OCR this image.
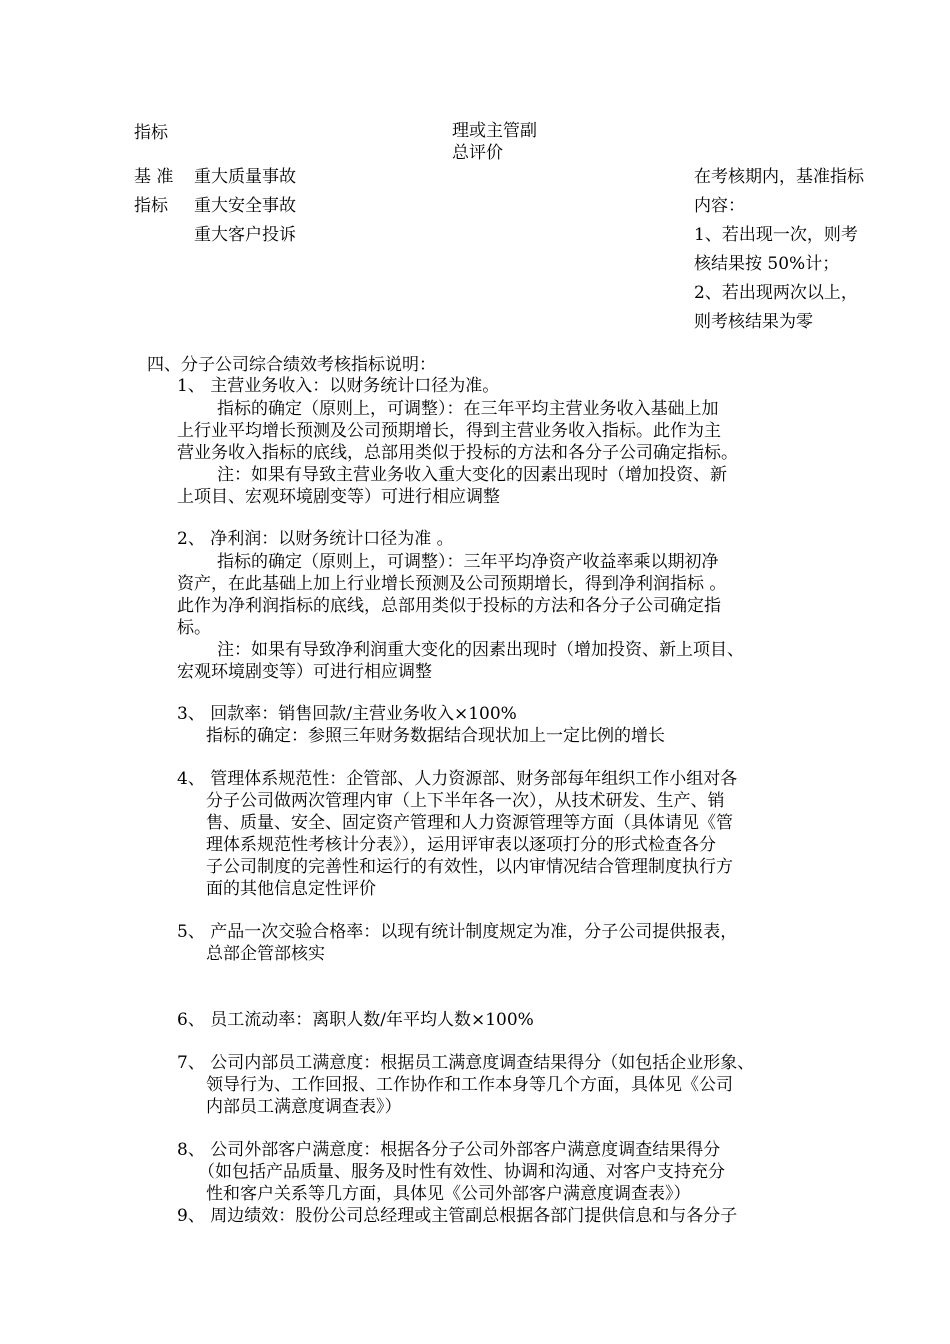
指标	理或主管副
总评价
基 准
指标
重大质量事故
重大安全事故
重大客户投诉
在考核期内，基准指标
内容：
1、若出现一次，则考
核结果按 50%计；
2、若出现两次以上，
则考核结果为零
四、分子公司综合绩效考核指标说明：
1、 主营业务收入：以财务统计口径为准。
指标的确定（原则上，可调整）：在三年平均主营业务收入基础上加
上行业平均增长预测及公司预期增长，得到主营业务收入指标。此作为主
营业务收入指标的底线，总部用类似于投标的方法和各分子公司确定指标。
注：如果有导致主营业务收入重大变化的因素出现时（增加投资、新
上项目、宏观环境剧变等）可进行相应调整
2、 净利润：以财务统计口径为准 。
指标的确定（原则上，可调整）：三年平均净资产收益率乘以期初净
资产，在此基础上加上行业增长预测及公司预期增长，得到净利润指标 。
此作为净利润指标的底线，总部用类似于投标的方法和各分子公司确定指
标。
注：如果有导致净利润重大变化的因素出现时（增加投资、新上项目、
宏观环境剧变等）可进行相应调整
3、 回款率：销售回款/主营业务收入×100%
指标的确定：参照三年财务数据结合现状加上一定比例的增长
4、 管理体系规范性：企管部、人力资源部、财务部每年组织工作小组对各
分子公司做两次管理内审（上下半年各一次），从技术研发、生产、销
售、质量、安全、固定资产管理和人力资源管理等方面（具体请见《管
理体系规范性考核计分表》），运用评审表以逐项打分的形式检查各分
子公司制度的完善性和运行的有效性，以内审情况结合管理制度执行方
面的其他信息定性评价
5、 产品一次交验合格率：以现有统计制度规定为准，分子公司提供报表，
总部企管部核实
6、 员工流动率：离职人数/年平均人数×100%
7、 公司内部员工满意度：根据员工满意度调查结果得分（如包括企业形象、
领导行为、工作回报、工作协作和工作本身等几个方面，具体见《公司
内部员工满意度调查表》）
8、 公司外部客户满意度：根据各分子公司外部客户满意度调查结果得分
（如包括产品质量、服务及时性有效性、协调和沟通、对客户支持充分
性和客户关系等几方面，具体见《公司外部客户满意度调查表》）
9、 周边绩效：股份公司总经理或主管副总根据各部门提供信息和与各分子
